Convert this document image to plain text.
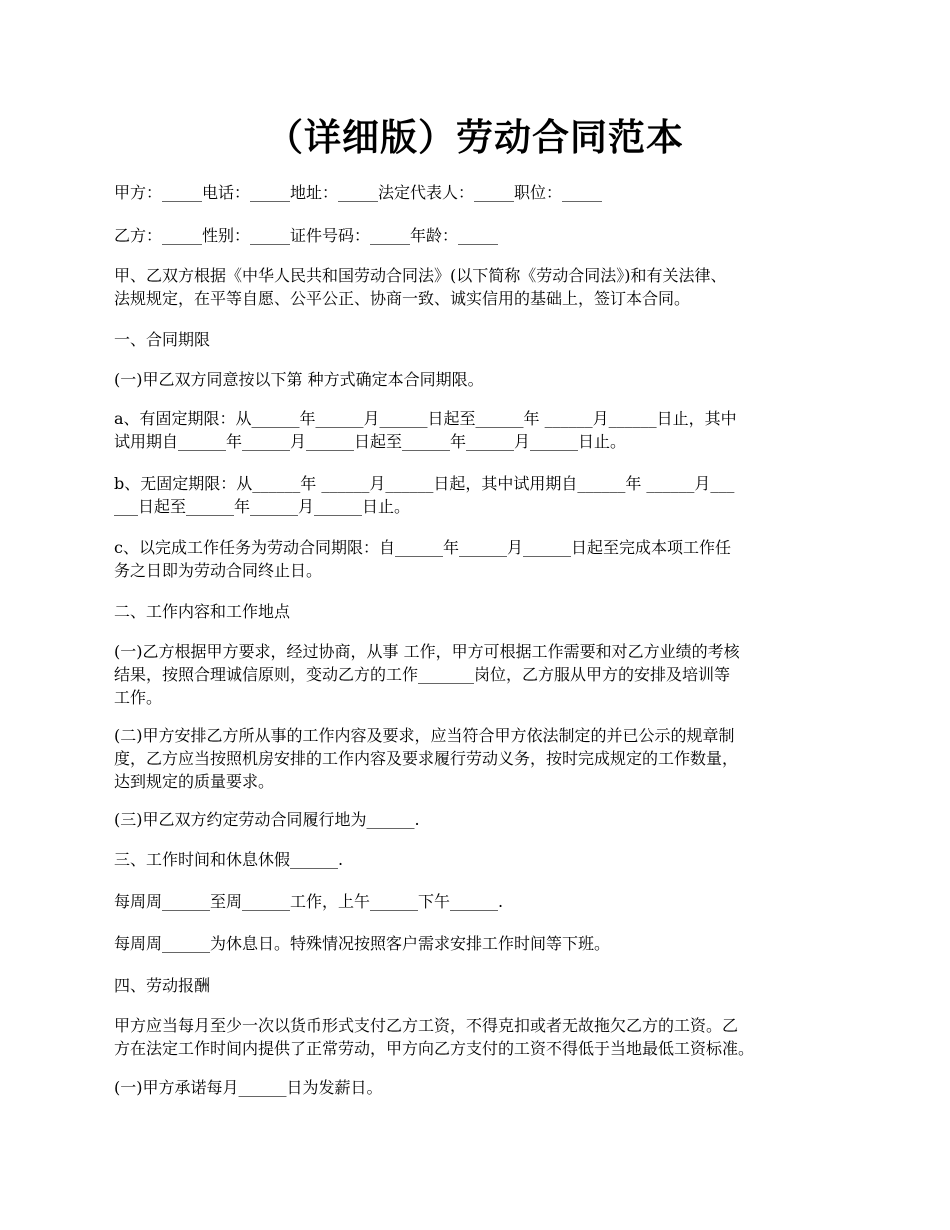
（详细版）劳动合同范本
甲方：_____电话：_____地址：_____法定代表人：_____职位：_____
乙方：_____性别：_____证件号码：_____年龄：_____
甲、乙双方根据《中华人民共和国劳动合同法》(以下简称《劳动合同法》)和有关法律、
法规规定，在平等自愿、公平公正、协商一致、诚实信用的基础上，签订本合同。
一、合同期限
(一)甲乙双方同意按以下第 种方式确定本合同期限。
a、有固定期限：从______年______月______日起至______年 ______月______日止，其中
试用期自______年______月______日起至______年______月______日止。
b、无固定期限：从______年 ______月______日起，其中试用期自______年 ______月___
___日起至______年______月______日止。
c、以完成工作任务为劳动合同期限：自______年______月______日起至完成本项工作任
务之日即为劳动合同终止日。
二、工作内容和工作地点
(一)乙方根据甲方要求，经过协商，从事 工作，甲方可根据工作需要和对乙方业绩的考核
结果，按照合理诚信原则，变动乙方的工作_______岗位，乙方服从甲方的安排及培训等
工作。
(二)甲方安排乙方所从事的工作内容及要求，应当符合甲方依法制定的并已公示的规章制
度，乙方应当按照机房安排的工作内容及要求履行劳动义务，按时完成规定的工作数量，
达到规定的质量要求。
(三)甲乙双方约定劳动合同履行地为______.
三、工作时间和休息休假______.
每周周______至周______工作，上午______下午______.
每周周______为休息日。特殊情况按照客户需求安排工作时间等下班。
四、劳动报酬
甲方应当每月至少一次以货币形式支付乙方工资，不得克扣或者无故拖欠乙方的工资。乙
方在法定工作时间内提供了正常劳动，甲方向乙方支付的工资不得低于当地最低工资标准。
(一)甲方承诺每月______日为发薪日。
